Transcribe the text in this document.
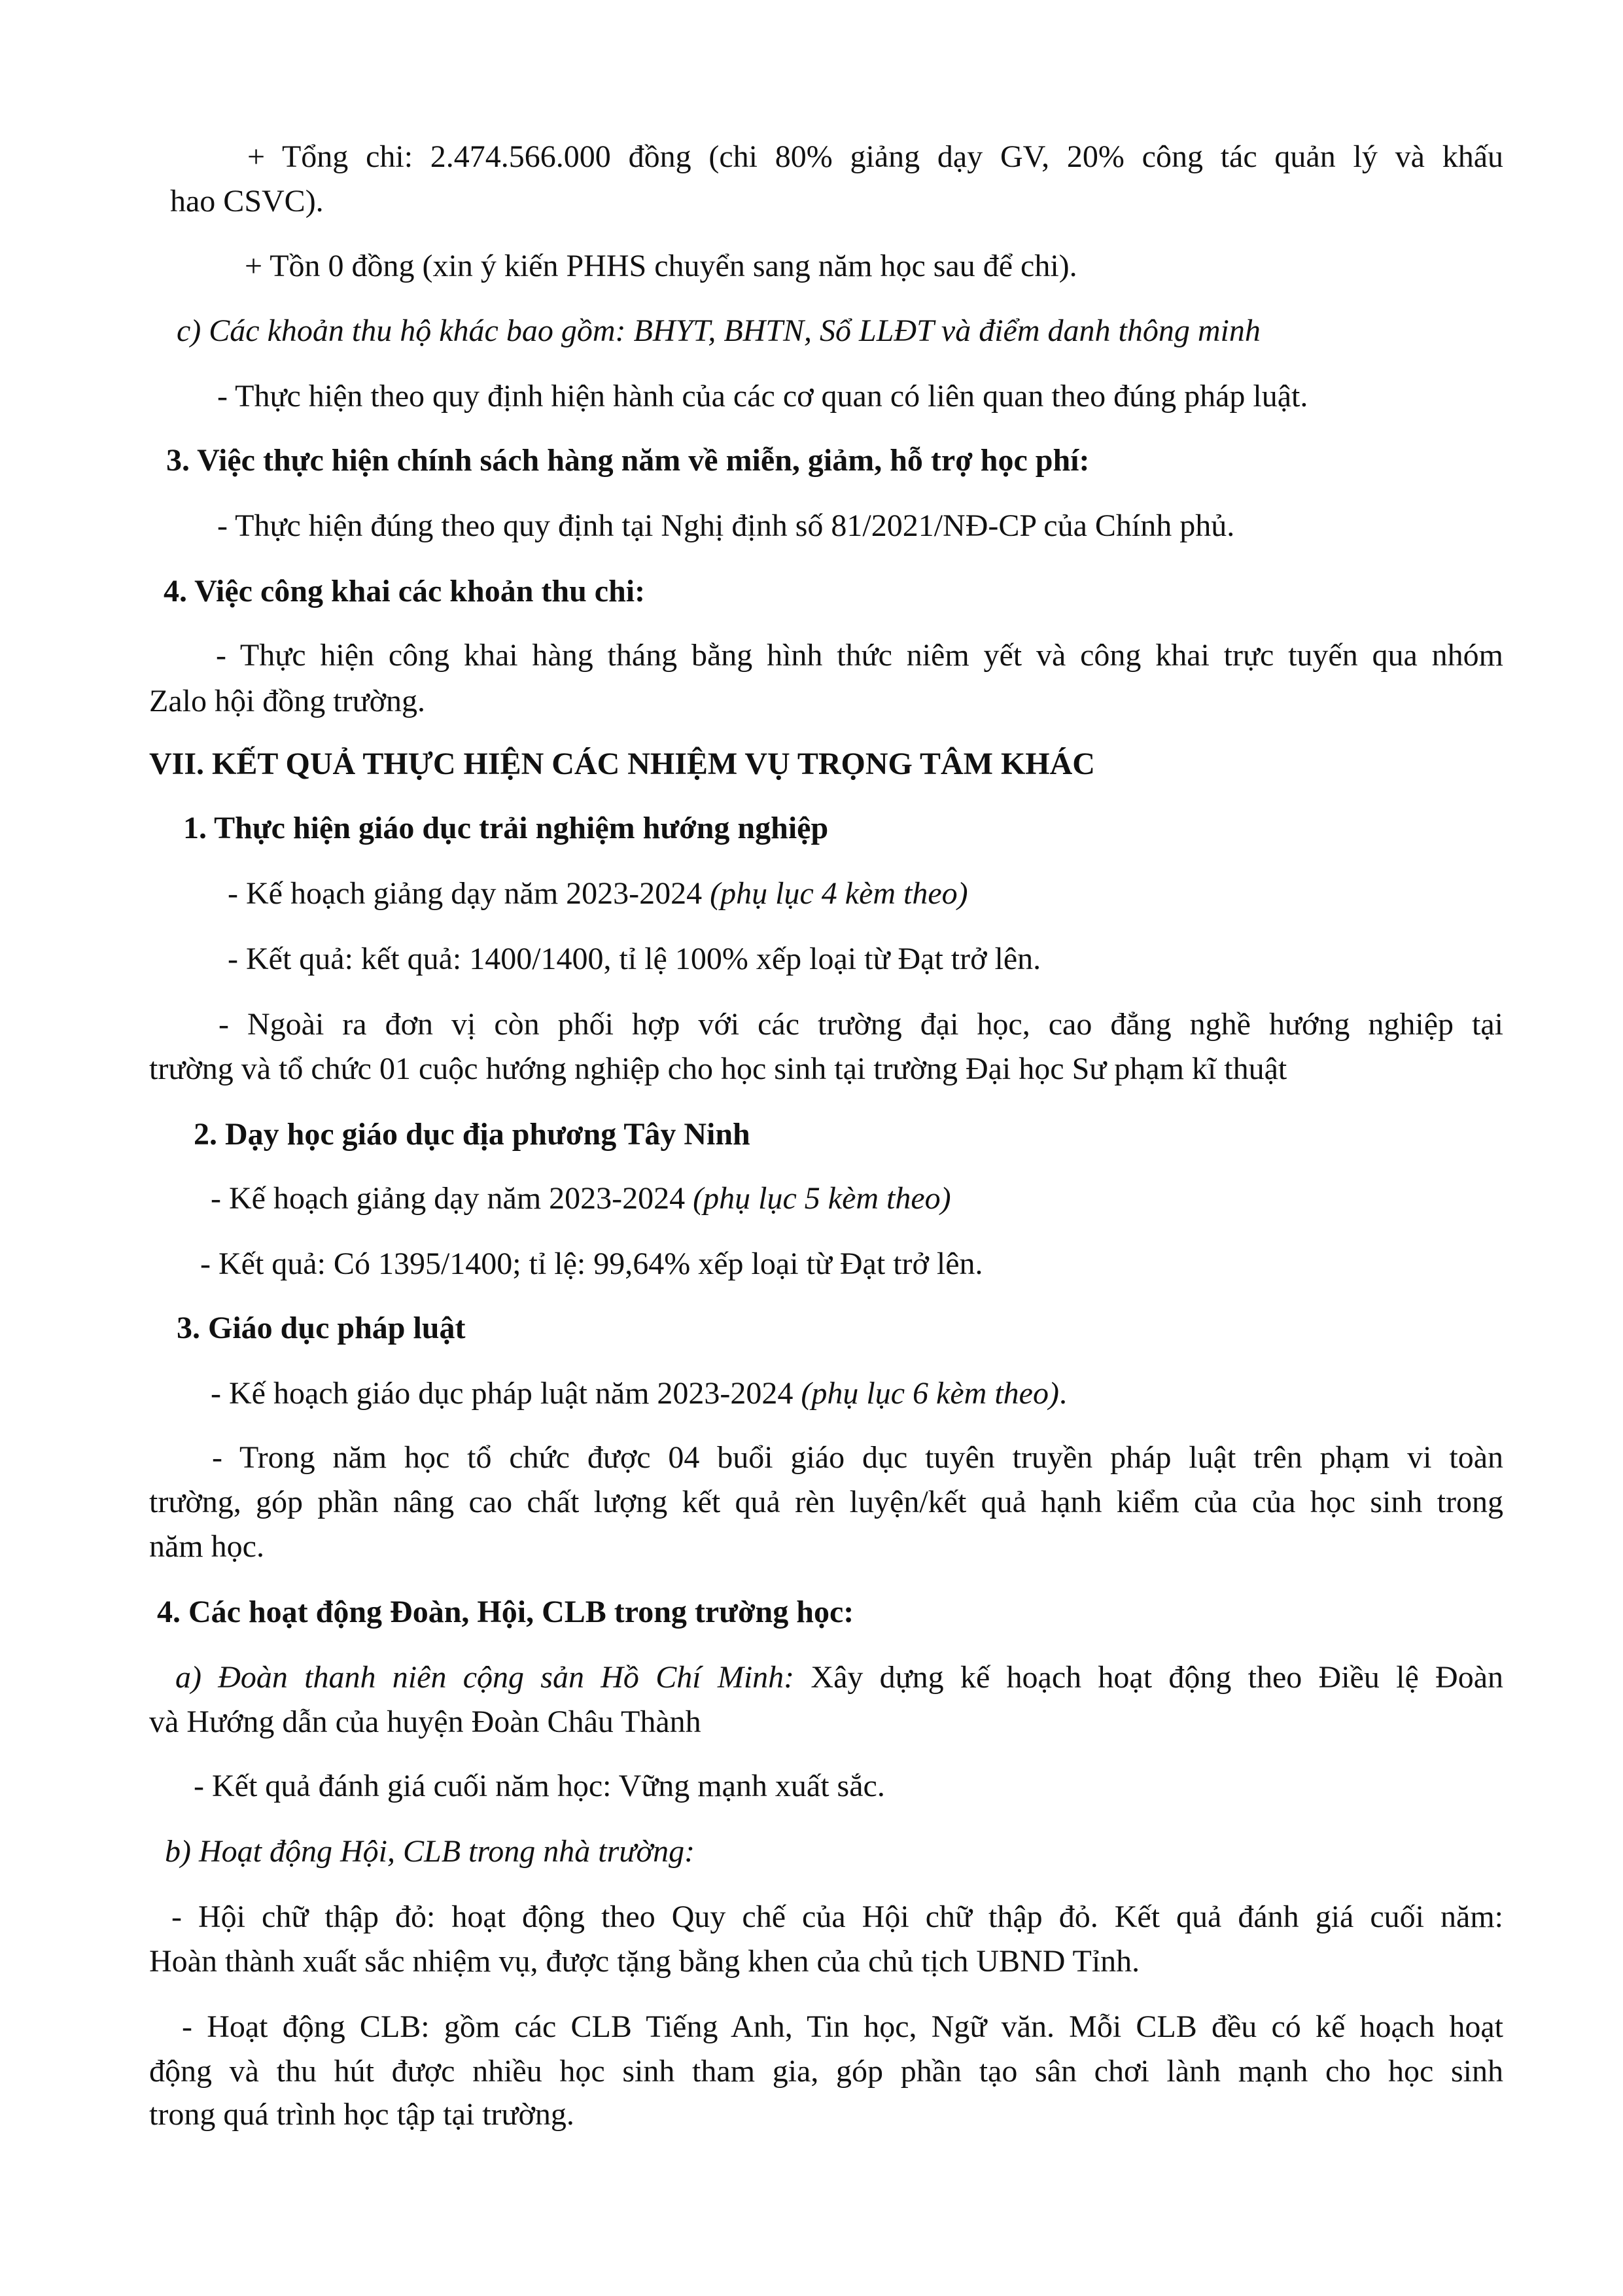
+ Tổng chi: 2.474.566.000 đồng (chi 80% giảng dạy GV, 20% công tác quản lý và khấu
hao CSVC).
+ Tồn 0 đồng (xin ý kiến PHHS chuyển sang năm học sau để chi).
c) Các khoản thu hộ khác bao gồm: BHYT, BHTN, Sổ LLĐT và điểm danh thông minh
- Thực hiện theo quy định hiện hành của các cơ quan có liên quan theo đúng pháp luật.
3. Việc thực hiện chính sách hàng năm về miễn, giảm, hỗ trợ học phí:
- Thực hiện đúng theo quy định tại Nghị định số 81/2021/NĐ-CP của Chính phủ.
4. Việc công khai các khoản thu chi:
- Thực hiện công khai hàng tháng bằng hình thức niêm yết và công khai trực tuyến qua nhóm
Zalo hội đồng trường.
VII. KẾT QUẢ THỰC HIỆN CÁC NHIỆM VỤ TRỌNG TÂM KHÁC
1. Thực hiện giáo dục trải nghiệm hướng nghiệp
- Kế hoạch giảng dạy năm 2023-2024 (phụ lục 4 kèm theo)
- Kết quả: kết quả: 1400/1400, tỉ lệ 100% xếp loại từ Đạt trở lên.
- Ngoài ra đơn vị còn phối hợp với các trường đại học, cao đẳng nghề hướng nghiệp tại
trường và tổ chức 01 cuộc hướng nghiệp cho học sinh tại trường Đại học Sư phạm kĩ thuật
2. Dạy học giáo dục địa phương Tây Ninh
- Kế hoạch giảng dạy năm 2023-2024 (phụ lục 5 kèm theo)
- Kết quả: Có 1395/1400; tỉ lệ: 99,64% xếp loại từ Đạt trở lên.
3. Giáo dục pháp luật
- Kế hoạch giáo dục pháp luật năm 2023-2024 (phụ lục 6 kèm theo).
- Trong năm học tổ chức được 04 buổi giáo dục tuyên truyền pháp luật trên phạm vi toàn
trường, góp phần nâng cao chất lượng kết quả rèn luyện/kết quả hạnh kiểm của của học sinh trong
năm học.
4. Các hoạt động Đoàn, Hội, CLB trong trường học:
a) Đoàn thanh niên cộng sản Hồ Chí Minh: Xây dựng kế hoạch hoạt động theo Điều lệ Đoàn
và Hướng dẫn của huyện Đoàn Châu Thành
- Kết quả đánh giá cuối năm học: Vững mạnh xuất sắc.
b) Hoạt động Hội, CLB trong nhà trường:
- Hội chữ thập đỏ: hoạt động theo Quy chế của Hội chữ thập đỏ. Kết quả đánh giá cuối năm:
Hoàn thành xuất sắc nhiệm vụ, được tặng bằng khen của chủ tịch UBND Tỉnh.
- Hoạt động CLB: gồm các CLB Tiếng Anh, Tin học, Ngữ văn. Mỗi CLB đều có kế hoạch hoạt
động và thu hút được nhiều học sinh tham gia, góp phần tạo sân chơi lành mạnh cho học sinh
trong quá trình học tập tại trường.
